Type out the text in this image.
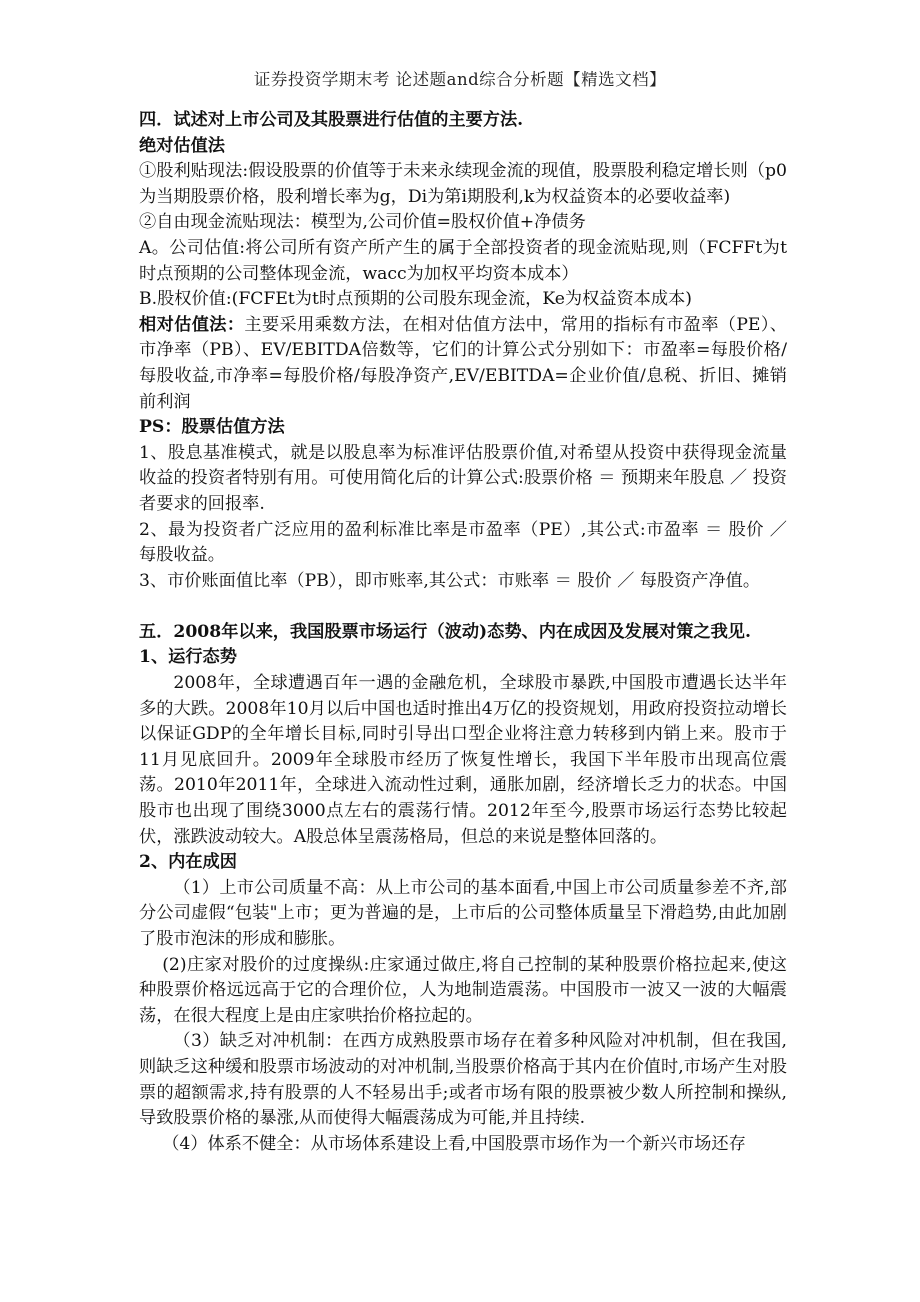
证券投资学期末考 论述题and综合分析题【精选文档】

四．试述对上市公司及其股票进行估值的主要方法.

绝对估值法

①股利贴现法:假设股票的价值等于未来永续现金流的现值，股票股利稳定增长则（p0为当期股票价格，股利增长率为g，Di为第i期股利,k为权益资本的必要收益率)

②自由现金流贴现法：模型为,公司价值=股权价值+净债务

A。公司估值:将公司所有资产所产生的属于全部投资者的现金流贴现,则（FCFFt为t时点预期的公司整体现金流，wacc为加权平均资本成本）

B.股权价值:(FCFEt为t时点预期的公司股东现金流，Ke为权益资本成本)

相对估值法：主要采用乘数方法，在相对估值方法中，常用的指标有市盈率（PE）、市净率（PB）、EV/EBITDA倍数等，它们的计算公式分别如下：市盈率=每股价格/每股收益,市净率=每股价格/每股净资产,EV/EBITDA=企业价值/息税、折旧、摊销前利润

PS：股票估值方法

1、股息基准模式，就是以股息率为标准评估股票价值,对希望从投资中获得现金流量收益的投资者特别有用。可使用简化后的计算公式:股票价格 ＝ 预期来年股息 ／ 投资者要求的回报率.

2、最为投资者广泛应用的盈利标准比率是市盈率（PE）,其公式:市盈率 ＝ 股价 ／ 每股收益。

3、市价账面值比率（PB），即市账率,其公式：市账率 ＝ 股价 ／ 每股资产净值。

五．2008年以来，我国股票市场运行（波动)态势、内在成因及发展对策之我见.

1、运行态势

2008年，全球遭遇百年一遇的金融危机，全球股市暴跌,中国股市遭遇长达半年多的大跌。2008年10月以后中国也适时推出4万亿的投资规划，用政府投资拉动增长以保证GDP的全年增长目标,同时引导出口型企业将注意力转移到内销上来。股市于11月见底回升。2009年全球股市经历了恢复性增长，我国下半年股市出现高位震荡。2010年2011年，全球进入流动性过剩，通胀加剧，经济增长乏力的状态。中国股市也出现了围绕3000点左右的震荡行情。2012年至今,股票市场运行态势比较起伏，涨跌波动较大。A股总体呈震荡格局，但总的来说是整体回落的。

2、内在成因

（1）上市公司质量不高：从上市公司的基本面看,中国上市公司质量参差不齐,部分公司虚假“包装"上市；更为普遍的是，上市后的公司整体质量呈下滑趋势,由此加剧了股市泡沫的形成和膨胀。

(2)庄家对股价的过度操纵:庄家通过做庄,将自己控制的某种股票价格拉起来,使这种股票价格远远高于它的合理价位，人为地制造震荡。中国股市一波又一波的大幅震荡，在很大程度上是由庄家哄抬价格拉起的。

（3）缺乏对冲机制：在西方成熟股票市场存在着多种风险对冲机制，但在我国,则缺乏这种缓和股票市场波动的对冲机制,当股票价格高于其内在价值时,市场产生对股票的超额需求,持有股票的人不轻易出手;或者市场有限的股票被少数人所控制和操纵,导致股票价格的暴涨,从而使得大幅震荡成为可能,并且持续.

（4）体系不健全：从市场体系建设上看,中国股票市场作为一个新兴市场还存
